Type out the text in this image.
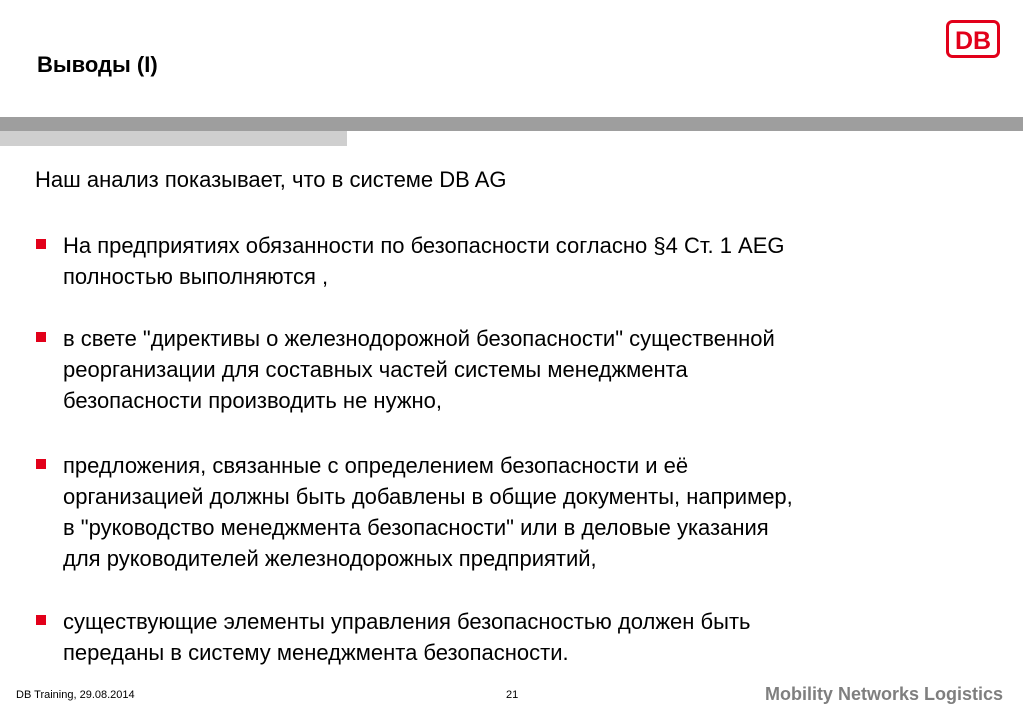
Выводы (I)
DB
Наш анализ показывает, что в системе DB AG
На предприятиях обязанности по безопасности согласно §4 Ст. 1 AEG
полностью выполняются ,
в свете "директивы о железнодорожной безопасности" существенной
реорганизации для составных частей системы менеджмента
безопасности производить не нужно,
предложения, связанные с определением безопасности и её
организацией должны быть добавлены в общие документы, например,
в "руководство менеджмента безопасности" или в деловые указания
для руководителей железнодорожных предприятий,
существующие элементы управления безопасностью должен быть
переданы в систему менеджмента безопасности.
DB Training, 29.08.2014	21	Mobility Networks Logistics
